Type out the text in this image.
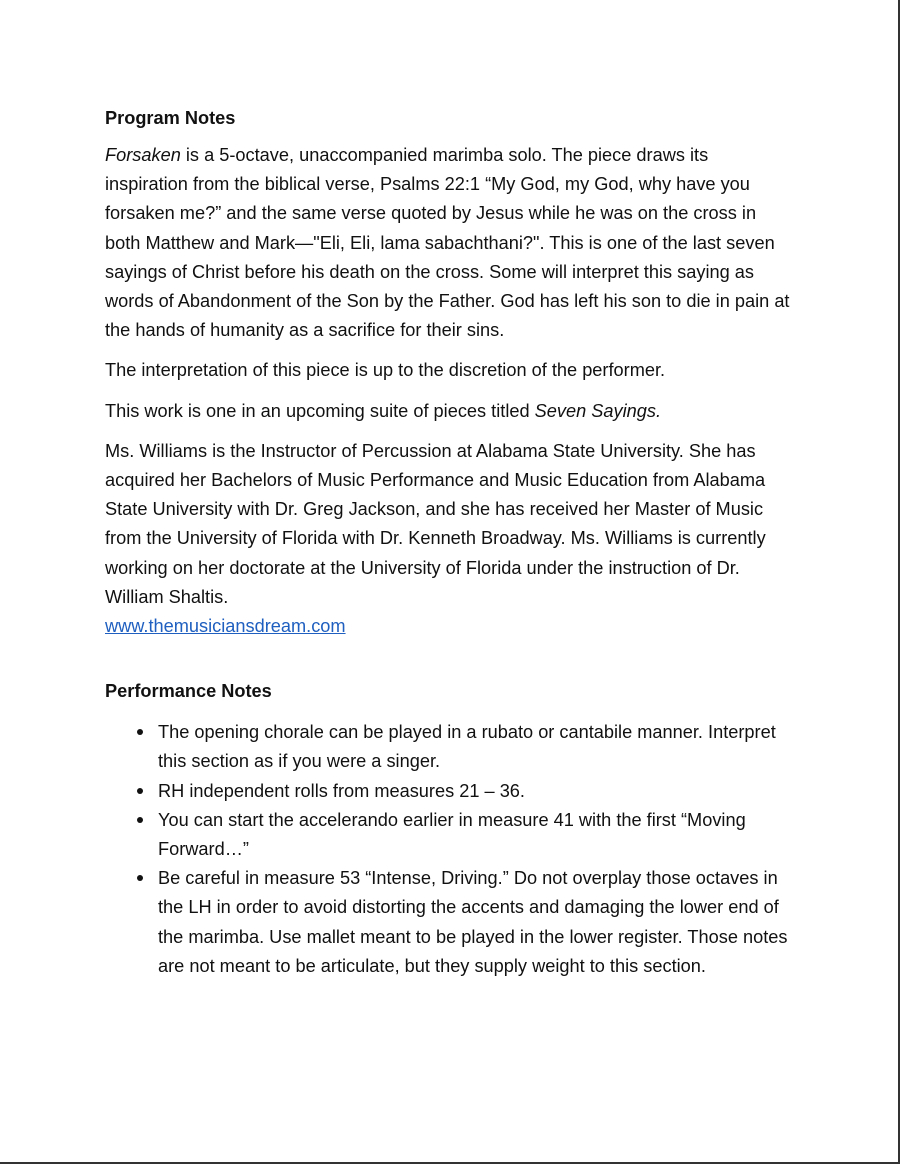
Program Notes

Forsaken is a 5-octave, unaccompanied marimba solo. The piece draws its inspiration from the biblical verse, Psalms 22:1 “My God, my God, why have you forsaken me?” and the same verse quoted by Jesus while he was on the cross in both Matthew and Mark—"Eli, Eli, lama sabachthani?". This is one of the last seven sayings of Christ before his death on the cross. Some will interpret this saying as words of Abandonment of the Son by the Father. God has left his son to die in pain at the hands of humanity as a sacrifice for their sins.

The interpretation of this piece is up to the discretion of the performer.

This work is one in an upcoming suite of pieces titled Seven Sayings.

Ms. Williams is the Instructor of Percussion at Alabama State University. She has acquired her Bachelors of Music Performance and Music Education from Alabama State University with Dr. Greg Jackson, and she has received her Master of Music from the University of Florida with Dr. Kenneth Broadway. Ms. Williams is currently working on her doctorate at the University of Florida under the instruction of Dr. William Shaltis.
www.themusiciansdream.com

Performance Notes
The opening chorale can be played in a rubato or cantabile manner. Interpret this section as if you were a singer.
RH independent rolls from measures 21 – 36.
You can start the accelerando earlier in measure 41 with the first “Moving Forward…”
Be careful in measure 53 “Intense, Driving.” Do not overplay those octaves in the LH in order to avoid distorting the accents and damaging the lower end of the marimba. Use mallet meant to be played in the lower register. Those notes are not meant to be articulate, but they supply weight to this section.
